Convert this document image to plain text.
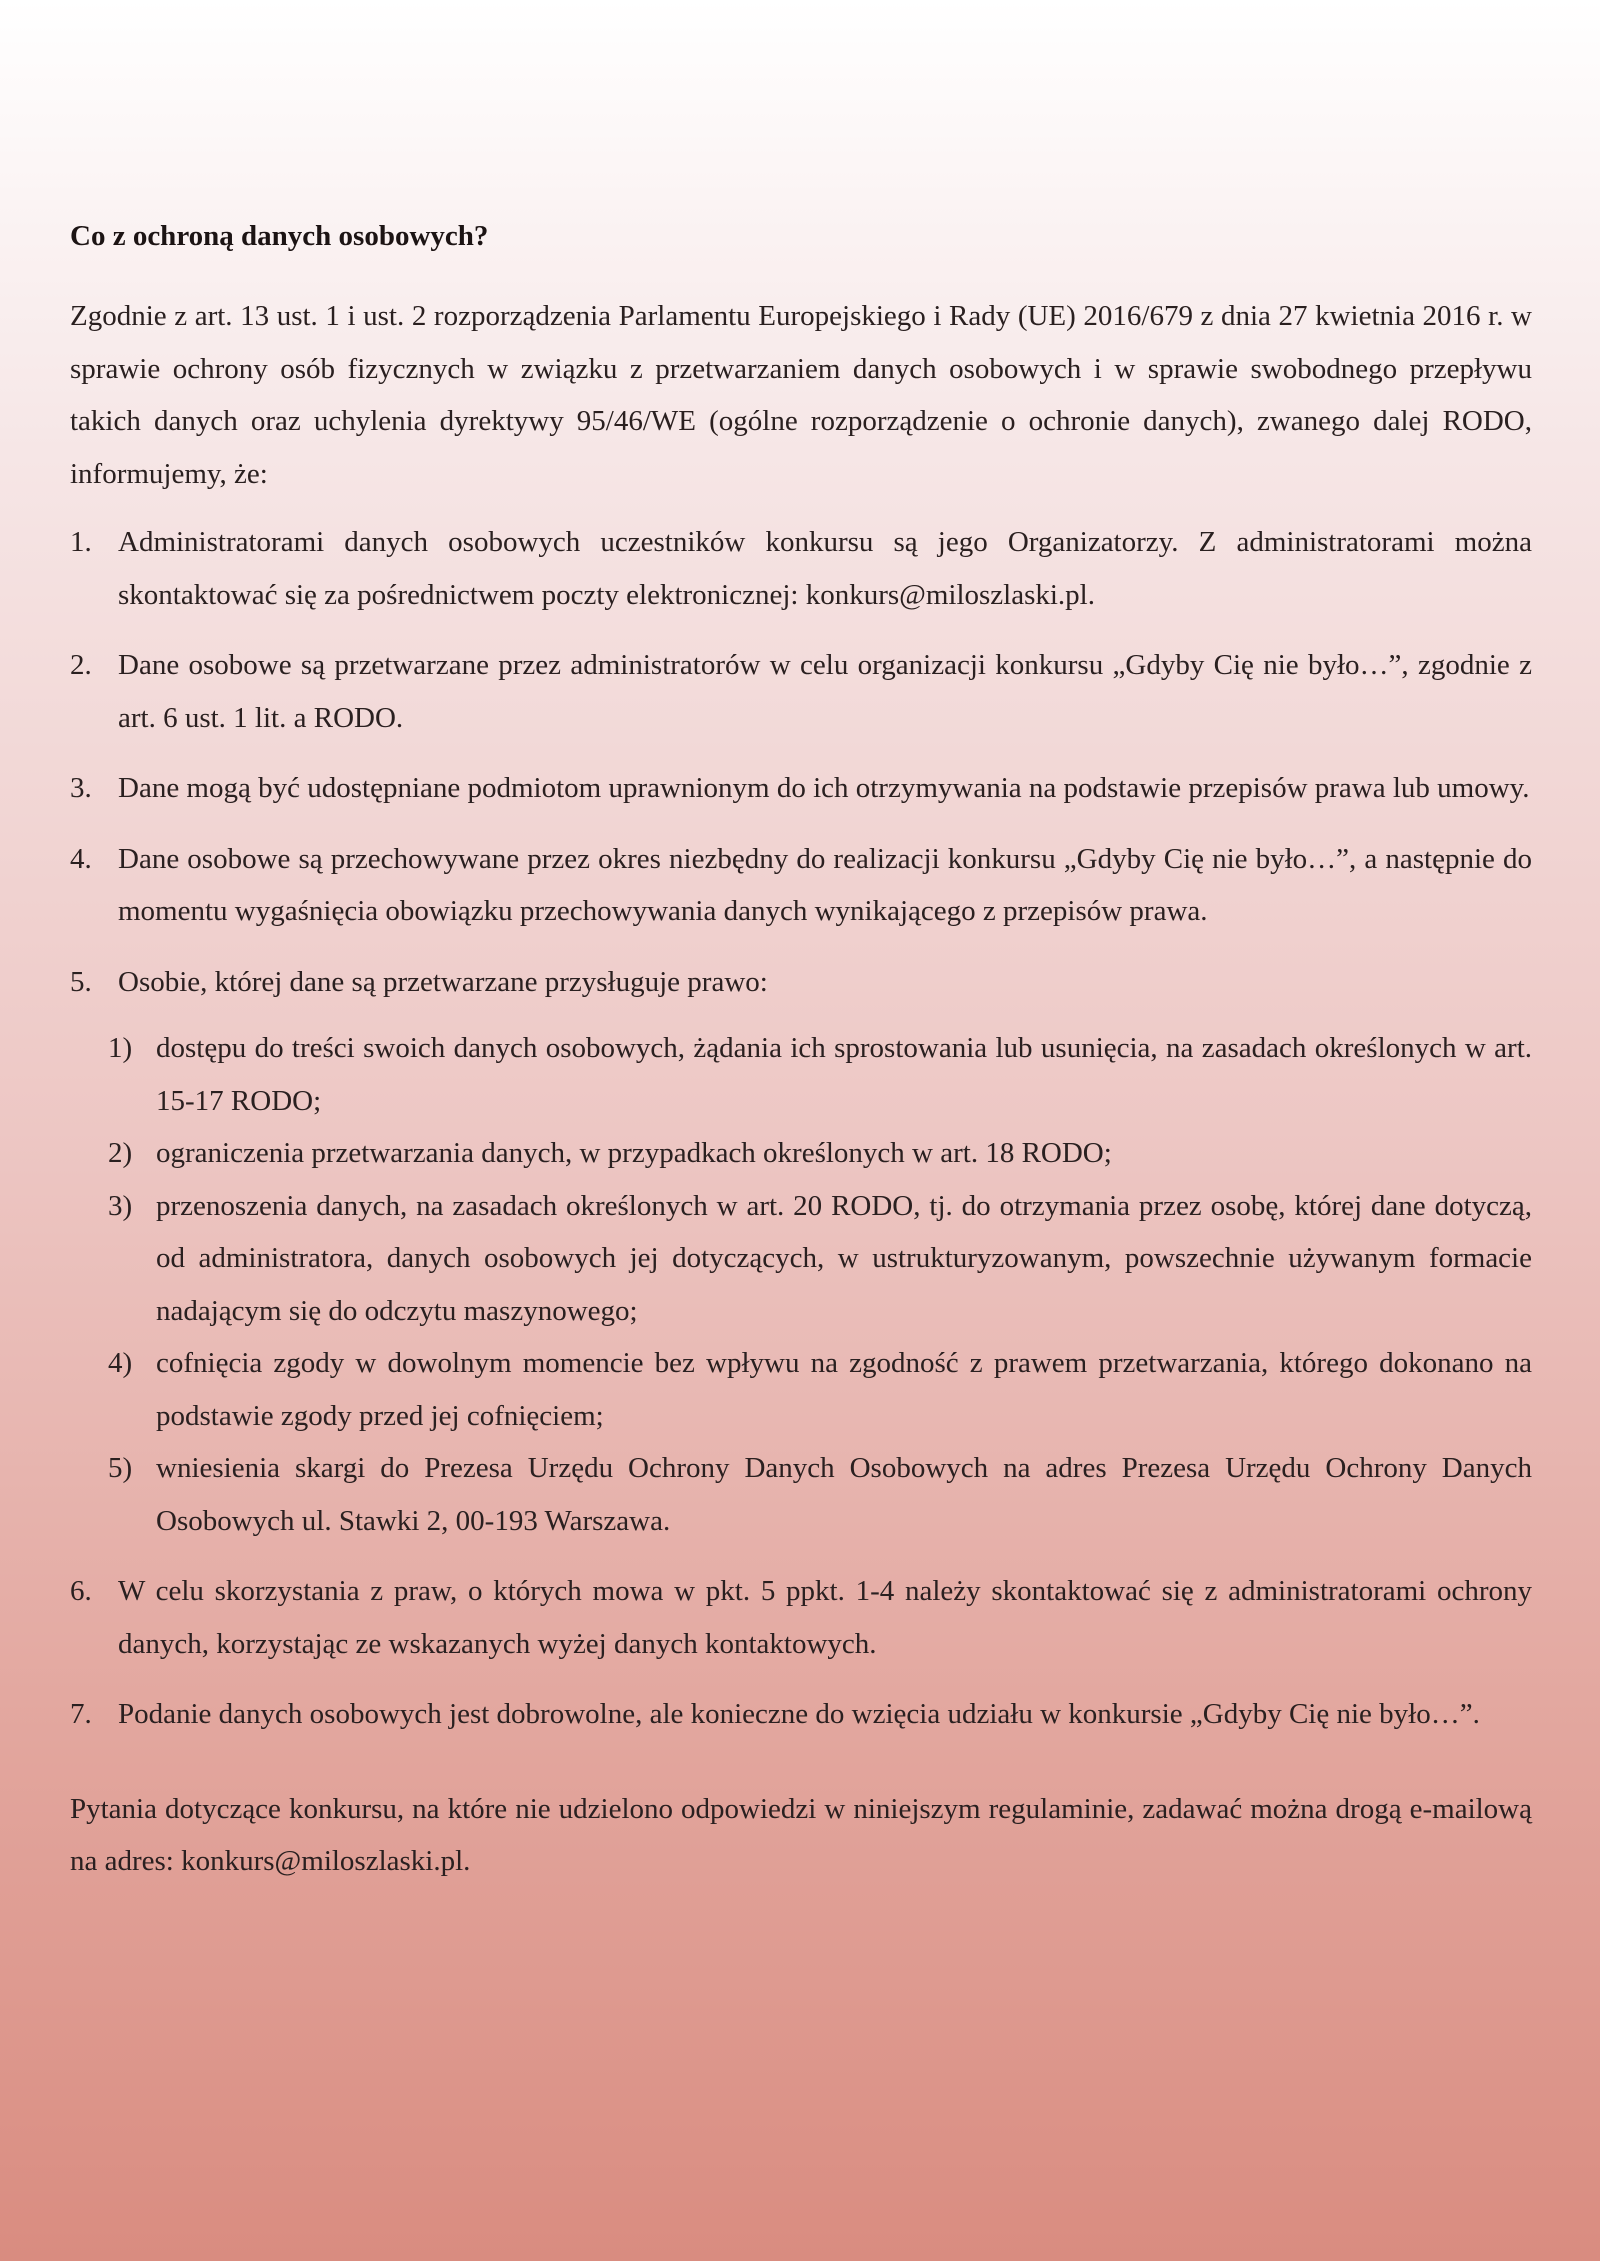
Co z ochroną danych osobowych?

Zgodnie z art. 13 ust. 1 i ust. 2 rozporządzenia Parlamentu Europejskiego i Rady (UE) 2016/679 z dnia 27 kwietnia 2016 r. w sprawie ochrony osób fizycznych w związku z przetwarzaniem danych osobowych i w sprawie swobodnego przepływu takich danych oraz uchylenia dyrektywy 95/46/WE (ogólne rozporządzenie o ochronie danych), zwanego dalej RODO, informujemy, że:

1. Administratorami danych osobowych uczestników konkursu są jego Organizatorzy. Z administratorami można skontaktować się za pośrednictwem poczty elektronicznej: konkurs@miloszlaski.pl.
2. Dane osobowe są przetwarzane przez administratorów w celu organizacji konkursu „Gdyby Cię nie było…”, zgodnie z art. 6 ust. 1 lit. a RODO.
3. Dane mogą być udostępniane podmiotom uprawnionym do ich otrzymywania na podstawie przepisów prawa lub umowy.
4. Dane osobowe są przechowywane przez okres niezbędny do realizacji konkursu „Gdyby Cię nie było…”, a następnie do momentu wygaśnięcia obowiązku przechowywania danych wynikającego z przepisów prawa.
5. Osobie, której dane są przetwarzane przysługuje prawo:
1) dostępu do treści swoich danych osobowych, żądania ich sprostowania lub usunięcia, na zasadach określonych w art. 15-17 RODO;
2) ograniczenia przetwarzania danych, w przypadkach określonych w art. 18 RODO;
3) przenoszenia danych, na zasadach określonych w art. 20 RODO, tj. do otrzymania przez osobę, której dane dotyczą, od administratora, danych osobowych jej dotyczących, w ustrukturyzowanym, powszechnie używanym formacie nadającym się do odczytu maszynowego;
4) cofnięcia zgody w dowolnym momencie bez wpływu na zgodność z prawem przetwarzania, którego dokonano na podstawie zgody przed jej cofnięciem;
5) wniesienia skargi do Prezesa Urzędu Ochrony Danych Osobowych na adres Prezesa Urzędu Ochrony Danych Osobowych ul. Stawki 2, 00-193 Warszawa.
6. W celu skorzystania z praw, o których mowa w pkt. 5 ppkt. 1-4 należy skontaktować się z administratorami ochrony danych, korzystając ze wskazanych wyżej danych kontaktowych.
7. Podanie danych osobowych jest dobrowolne, ale konieczne do wzięcia udziału w konkursie „Gdyby Cię nie było…”.

Pytania dotyczące konkursu, na które nie udzielono odpowiedzi w niniejszym regulaminie, zadawać można drogą e-mailową na adres: konkurs@miloszlaski.pl.
